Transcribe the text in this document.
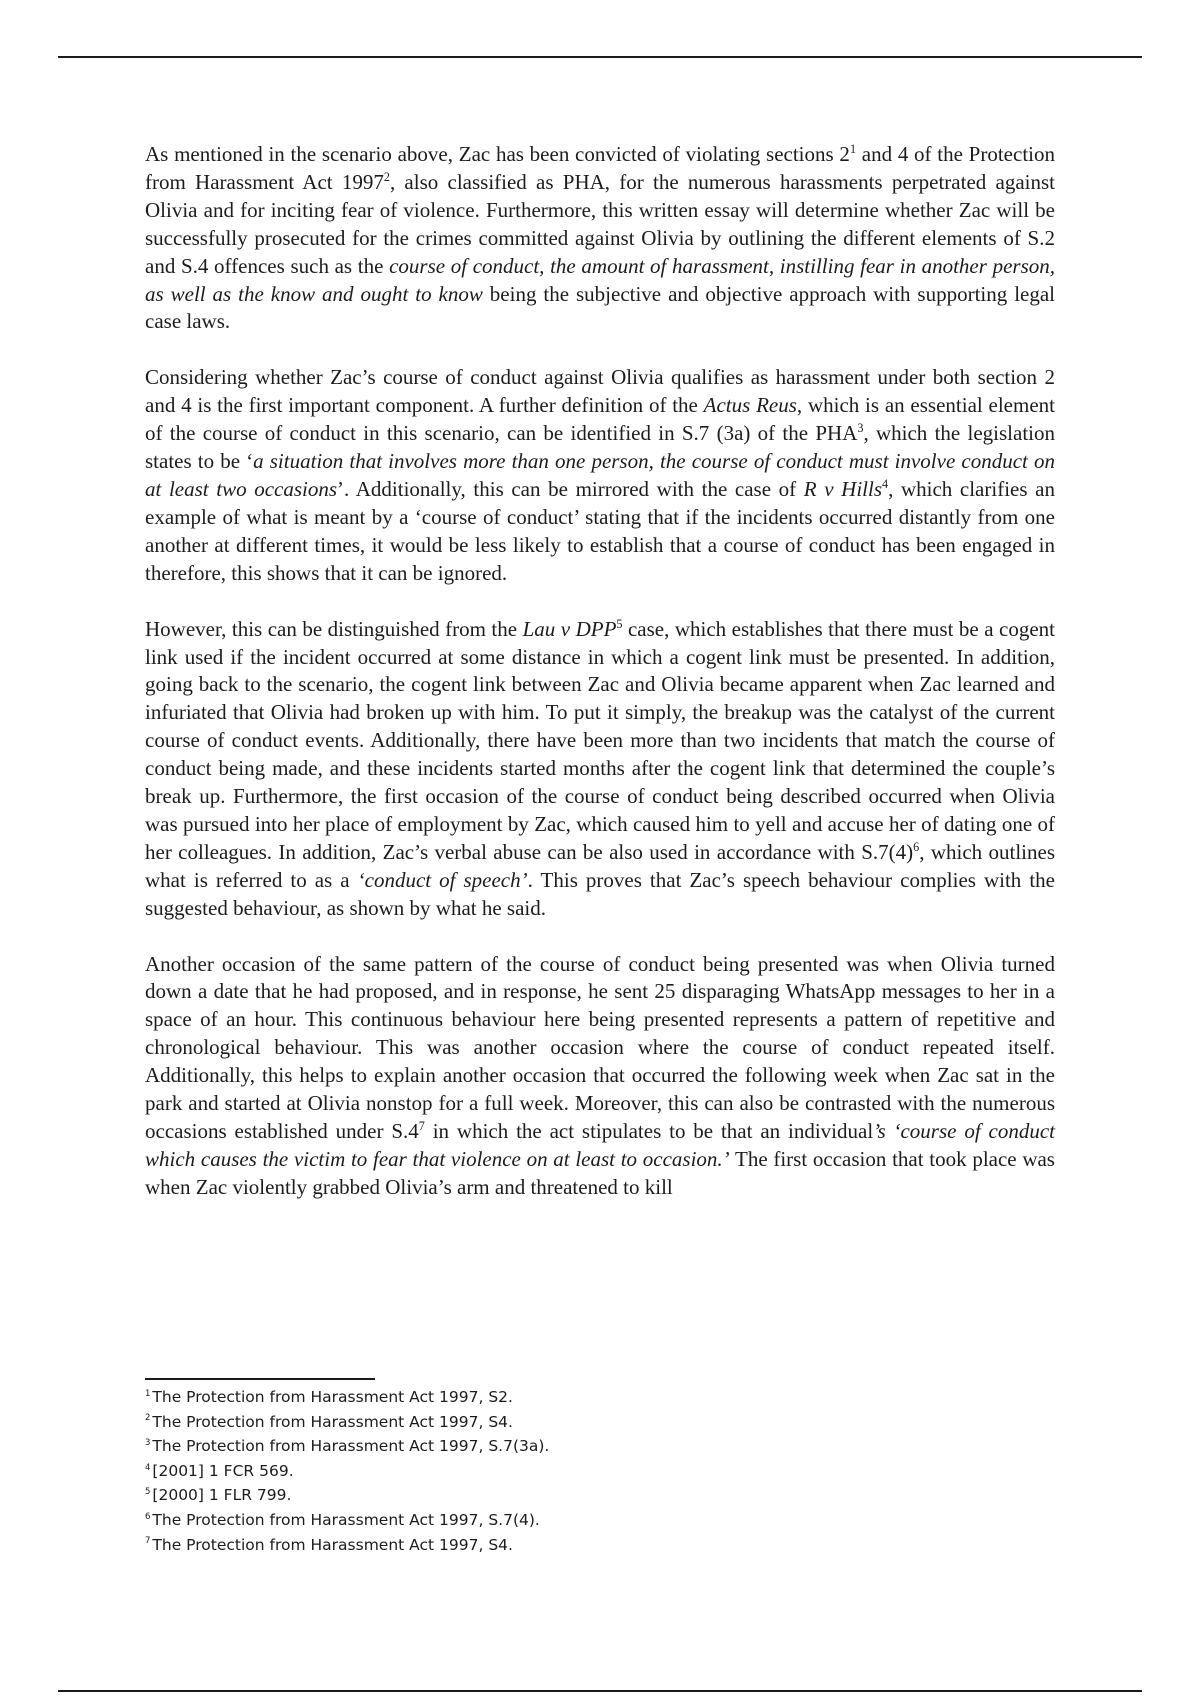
As mentioned in the scenario above, Zac has been convicted of violating sections $2^1$ and 4 of the Protection from Harassment Act 1997$^2$, also classified as PHA, for the numerous harassments perpetrated against Olivia and for inciting fear of violence. Furthermore, this written essay will determine whether Zac will be successfully prosecuted for the crimes committed against Olivia by outlining the different elements of S.2 and S.4 offences such as the course of conduct, the amount of harassment, instilling fear in another person, as well as the know and ought to know being the subjective and objective approach with supporting legal case laws.

Considering whether Zac’s course of conduct against Olivia qualifies as harassment under both section 2 and 4 is the first important component. A further definition of the Actus Reus, which is an essential element of the course of conduct in this scenario, can be identified in S.7 (3a) of the PHA$^3$, which the legislation states to be ‘a situation that involves more than one person, the course of conduct must involve conduct on at least two occasions’. Additionally, this can be mirrored with the case of R v Hills$^4$, which clarifies an example of what is meant by a ‘course of conduct’ stating that if the incidents occurred distantly from one another at different times, it would be less likely to establish that a course of conduct has been engaged in therefore, this shows that it can be ignored.

However, this can be distinguished from the Lau v DPP$^5$ case, which establishes that there must be a cogent link used if the incident occurred at some distance in which a cogent link must be presented. In addition, going back to the scenario, the cogent link between Zac and Olivia became apparent when Zac learned and infuriated that Olivia had broken up with him. To put it simply, the breakup was the catalyst of the current course of conduct events. Additionally, there have been more than two incidents that match the course of conduct being made, and these incidents started months after the cogent link that determined the couple’s break up. Furthermore, the first occasion of the course of conduct being described occurred when Olivia was pursued into her place of employment by Zac, which caused him to yell and accuse her of dating one of her colleagues. In addition, Zac’s verbal abuse can be also used in accordance with $S.7(4)^6$, which outlines what is referred to as a ‘conduct of speech’. This proves that Zac’s speech behaviour complies with the suggested behaviour, as shown by what he said.

Another occasion of the same pattern of the course of conduct being presented was when Olivia turned down a date that he had proposed, and in response, he sent 25 disparaging WhatsApp messages to her in a space of an hour. This continuous behaviour here being presented represents a pattern of repetitive and chronological behaviour. This was another occasion where the course of conduct repeated itself. Additionally, this helps to explain another occasion that occurred the following week when Zac sat in the park and started at Olivia nonstop for a full week. Moreover, this can also be contrasted with the numerous occasions established under $S.4^7$ in which the act stipulates to be that an individual’s ‘course of conduct which causes the victim to fear that violence on at least to occasion.’ The first occasion that took place was when Zac violently grabbed Olivia’s arm and threatened to kill

$^1$ The Protection from Harassment Act 1997, S2.

$^2$ The Protection from Harassment Act 1997, S4.

$^3$ The Protection from Harassment Act 1997, S.7(3a).

$^4$ [2001] 1 FCR 569.

$^5$ [2000] 1 FLR 799.

$^6$ The Protection from Harassment Act 1997, S.7(4).

$^7$ The Protection from Harassment Act 1997, S4.
